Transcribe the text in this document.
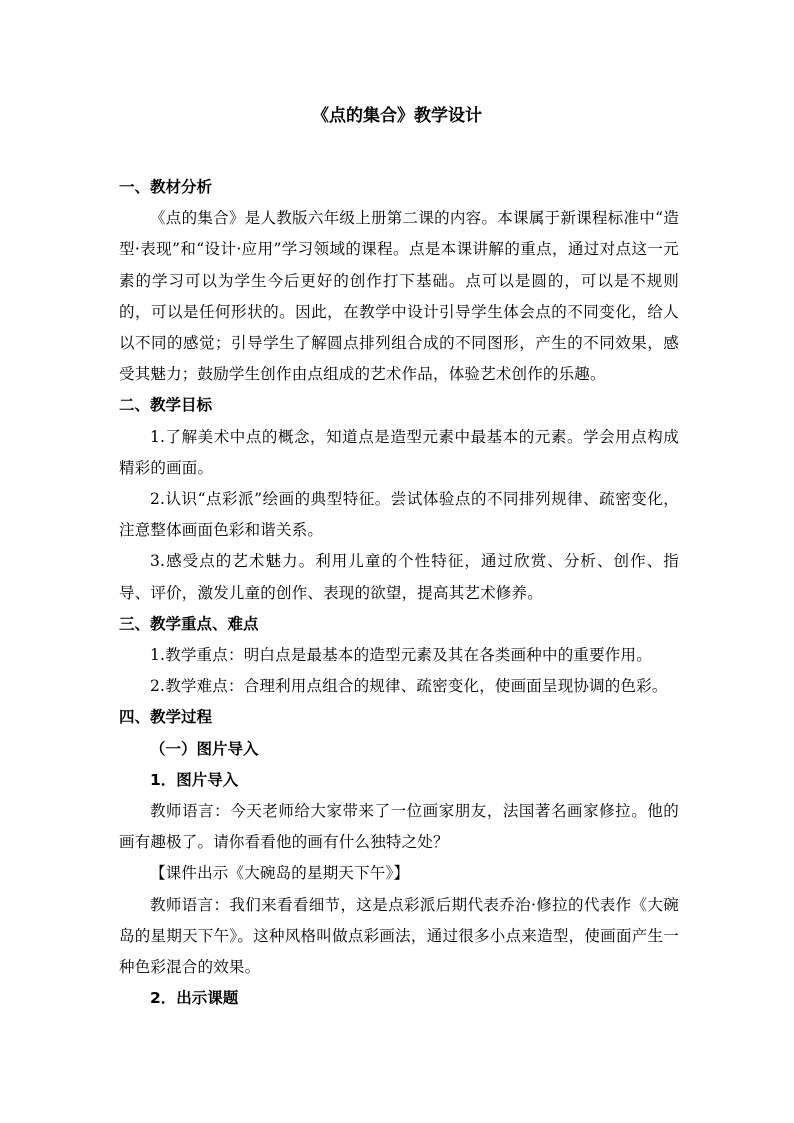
《点的集合》教学设计
一、教材分析

《点的集合》是人教版六年级上册第二课的内容。本课属于新课程标准中“造型·表现”和“设计·应用”学习领域的课程。点是本课讲解的重点，通过对点这一元素的学习可以为学生今后更好的创作打下基础。点可以是圆的，可以是不规则的，可以是任何形状的。因此，在教学中设计引导学生体会点的不同变化，给人以不同的感觉；引导学生了解圆点排列组合成的不同图形，产生的不同效果，感受其魅力；鼓励学生创作由点组成的艺术作品，体验艺术创作的乐趣。

二、教学目标

1.了解美术中点的概念，知道点是造型元素中最基本的元素。学会用点构成精彩的画面。

2.认识“点彩派”绘画的典型特征。尝试体验点的不同排列规律、疏密变化，注意整体画面色彩和谐关系。

3.感受点的艺术魅力。利用儿童的个性特征，通过欣赏、分析、创作、指导、评价，激发儿童的创作、表现的欲望，提高其艺术修养。

三、教学重点、难点

1.教学重点：明白点是最基本的造型元素及其在各类画种中的重要作用。

2.教学难点：合理利用点组合的规律、疏密变化，使画面呈现协调的色彩。

四、教学过程
（一）图片导入
1．图片导入

教师语言：今天老师给大家带来了一位画家朋友，法国著名画家修拉。他的画有趣极了。请你看看他的画有什么独特之处？

【课件出示《大碗岛的星期天下午》】

教师语言：我们来看看细节，这是点彩派后期代表乔治·修拉的代表作《大碗岛的星期天下午》。这种风格叫做点彩画法，通过很多小点来造型，使画面产生一种色彩混合的效果。

2．出示课题
